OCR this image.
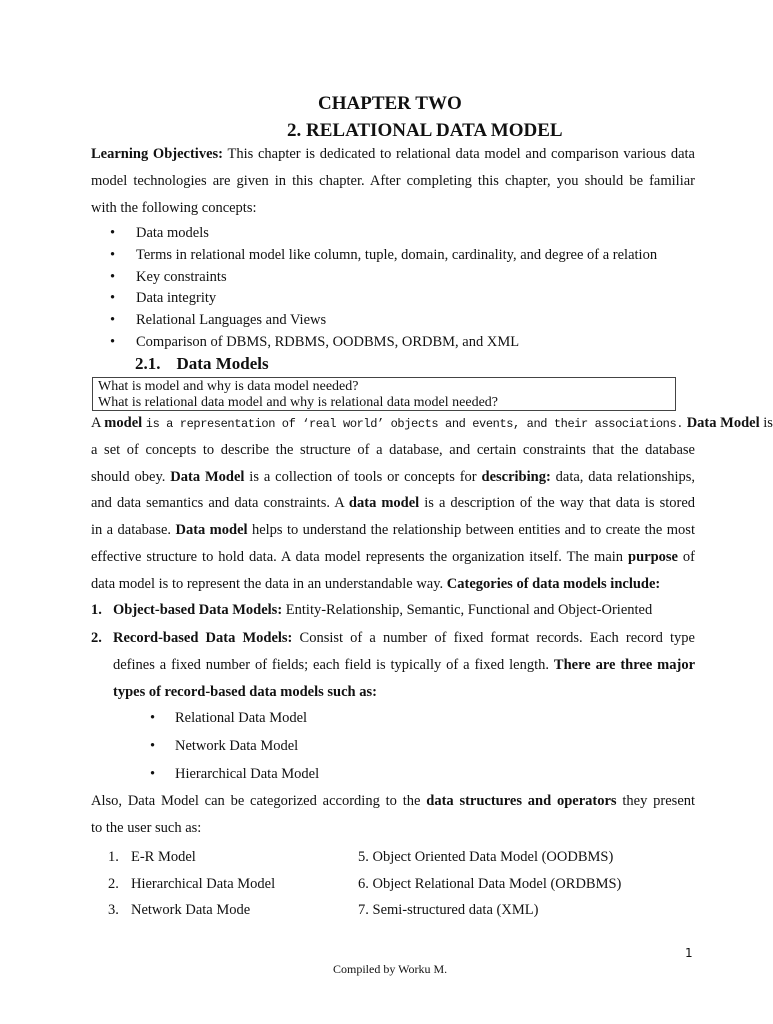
CHAPTER TWO
2. RELATIONAL DATA MODEL
Learning Objectives: This chapter is dedicated to relational data model and comparison various data
model technologies are given in this chapter. After completing this chapter, you should be familiar
with the following concepts:
• Data models
• Terms in relational model like column, tuple, domain, cardinality, and degree of a relation
• Key constraints
• Data integrity
• Relational Languages and Views
• Comparison of DBMS, RDBMS, OODBMS, ORDBM, and XML
2.1. Data Models
What is model and why is data model needed?
What is relational data model and why is relational data model needed?
A model is a representation of ‘real world’ objects and events, and their associations. Data Model is
a set of concepts to describe the structure of a database, and certain constraints that the database
should obey. Data Model is a collection of tools or concepts for describing: data, data relationships,
and data semantics and data constraints. A data model is a description of the way that data is stored
in a database. Data model helps to understand the relationship between entities and to create the most
effective structure to hold data. A data model represents the organization itself. The main purpose of
data model is to represent the data in an understandable way. Categories of data models include:
1. Object-based Data Models: Entity-Relationship, Semantic, Functional and Object-Oriented
2. Record-based Data Models: Consist of a number of fixed format records. Each record type
defines a fixed number of fields; each field is typically of a fixed length. There are three major
types of record-based data models such as:
• Relational Data Model
• Network Data Model
• Hierarchical Data Model
Also, Data Model can be categorized according to the data structures and operators they present
to the user such as:
1. E-R Model
2. Hierarchical Data Model
3. Network Data Mode
5. Object Oriented Data Model (OODBMS)
6. Object Relational Data Model (ORDBMS)
7. Semi-structured data (XML)
1
Compiled by Worku M.
